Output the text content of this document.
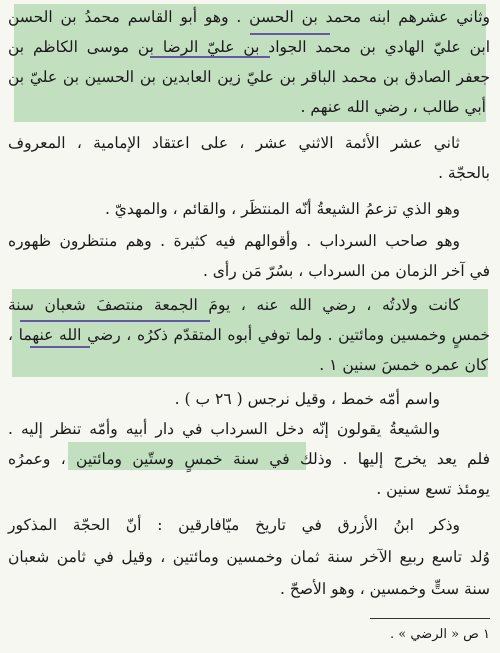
وثاني عشرهم ابنه محمد بن الحسن . وهو أبو القاسم محمدُ بن الحسن
ابن عليّ الهادي بن محمد الجواد بن عليّ الرضا بن موسى الكاظم بن
جعفر الصادق بن محمد الباقر بن عليّ زين العابدين بن الحسين بن عليّ بن
أبي طالب ، رضي الله عنهم .
ثاني عشر الأئمة الاثني عشر ، على اعتقاد الإمامية ، المعروف
بالحجّة .
وهو الذي تزعمُ الشيعةُ أنّه المنتظَر ، والقائم ، والمهديّ .
وهو صاحب السرداب . وأقوالهم فيه كثيرة . وهم منتظرون ظهوره
في آخر الزمان من السرداب ، بسُرّ مَن رأى .
كانت ولادتُه ، رضي الله عنه ، يومَ الجمعة منتصفَ شعبان سنة
خمسٍ وخمسين ومائتين . ولما توفي أبوه المتقدّم ذكرُه ، رضي الله عنهما ،
كان عمره خمسَ سنين ١ .
واسم أمّه خمط ، وقيل نرجس ( ٢٦ ب ) .
والشيعةُ يقولون إنّه دخل السرداب في دار أبيه وأمّه تنظر إليه .
فلم يعد يخرج إليها . وذلك في سنة خمسٍ وستّين ومائتين ، وعمرُه
يومئذ تسع سنين .
وذكر ابنُ الأزرق في تاريخ ميّافارقين : أنّ الحجّة المذكور
وُلد تاسع ربيع الآخر سنة ثمان وخمسين ومائتين ، وقيل في ثامن شعبان
سنة ستٍّ وخمسين ، وهو الأصحّ .
١ ص « الرضي » .
